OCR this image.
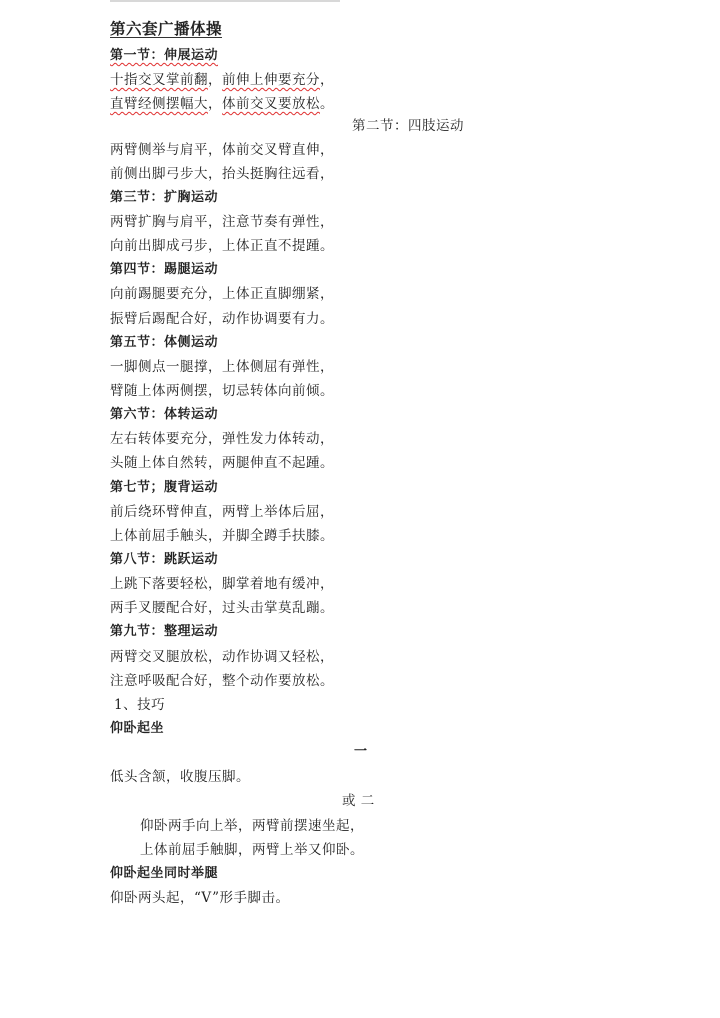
第六套广播体操
第一节：伸展运动
十指交叉掌前翻，前伸上伸要充分，
直臂经侧摆幅大，体前交叉要放松。
第二节：四肢运动
两臂侧举与肩平，体前交叉臂直伸，
前侧出脚弓步大，抬头挺胸往远看，
第三节：扩胸运动
两臂扩胸与肩平，注意节奏有弹性，
向前出脚成弓步，上体正直不提踵。
第四节：踢腿运动
向前踢腿要充分，上体正直脚绷紧，
振臂后踢配合好，动作协调要有力。
第五节：体侧运动
一脚侧点一腿撑，上体侧屈有弹性，
臂随上体两侧摆，切忌转体向前倾。
第六节：体转运动
左右转体要充分，弹性发力体转动，
头随上体自然转，两腿伸直不起踵。
第七节；腹背运动
前后绕环臂伸直，两臂上举体后屈，
上体前屈手触头，并脚全蹲手扶膝。
第八节：跳跃运动
上跳下落要轻松，脚掌着地有缓冲，
两手叉腰配合好，过头击掌莫乱蹦。
第九节：整理运动
两臂交叉腿放松，动作协调又轻松，
注意呼吸配合好，整个动作要放松。
1、技巧
仰卧起坐
一
低头含颔，收腹压脚。
或 二
仰卧两手向上举，两臂前摆速坐起，
上体前屈手触脚，两臂上举又仰卧。
仰卧起坐同时举腿
仰卧两头起，“V”形手脚击。
